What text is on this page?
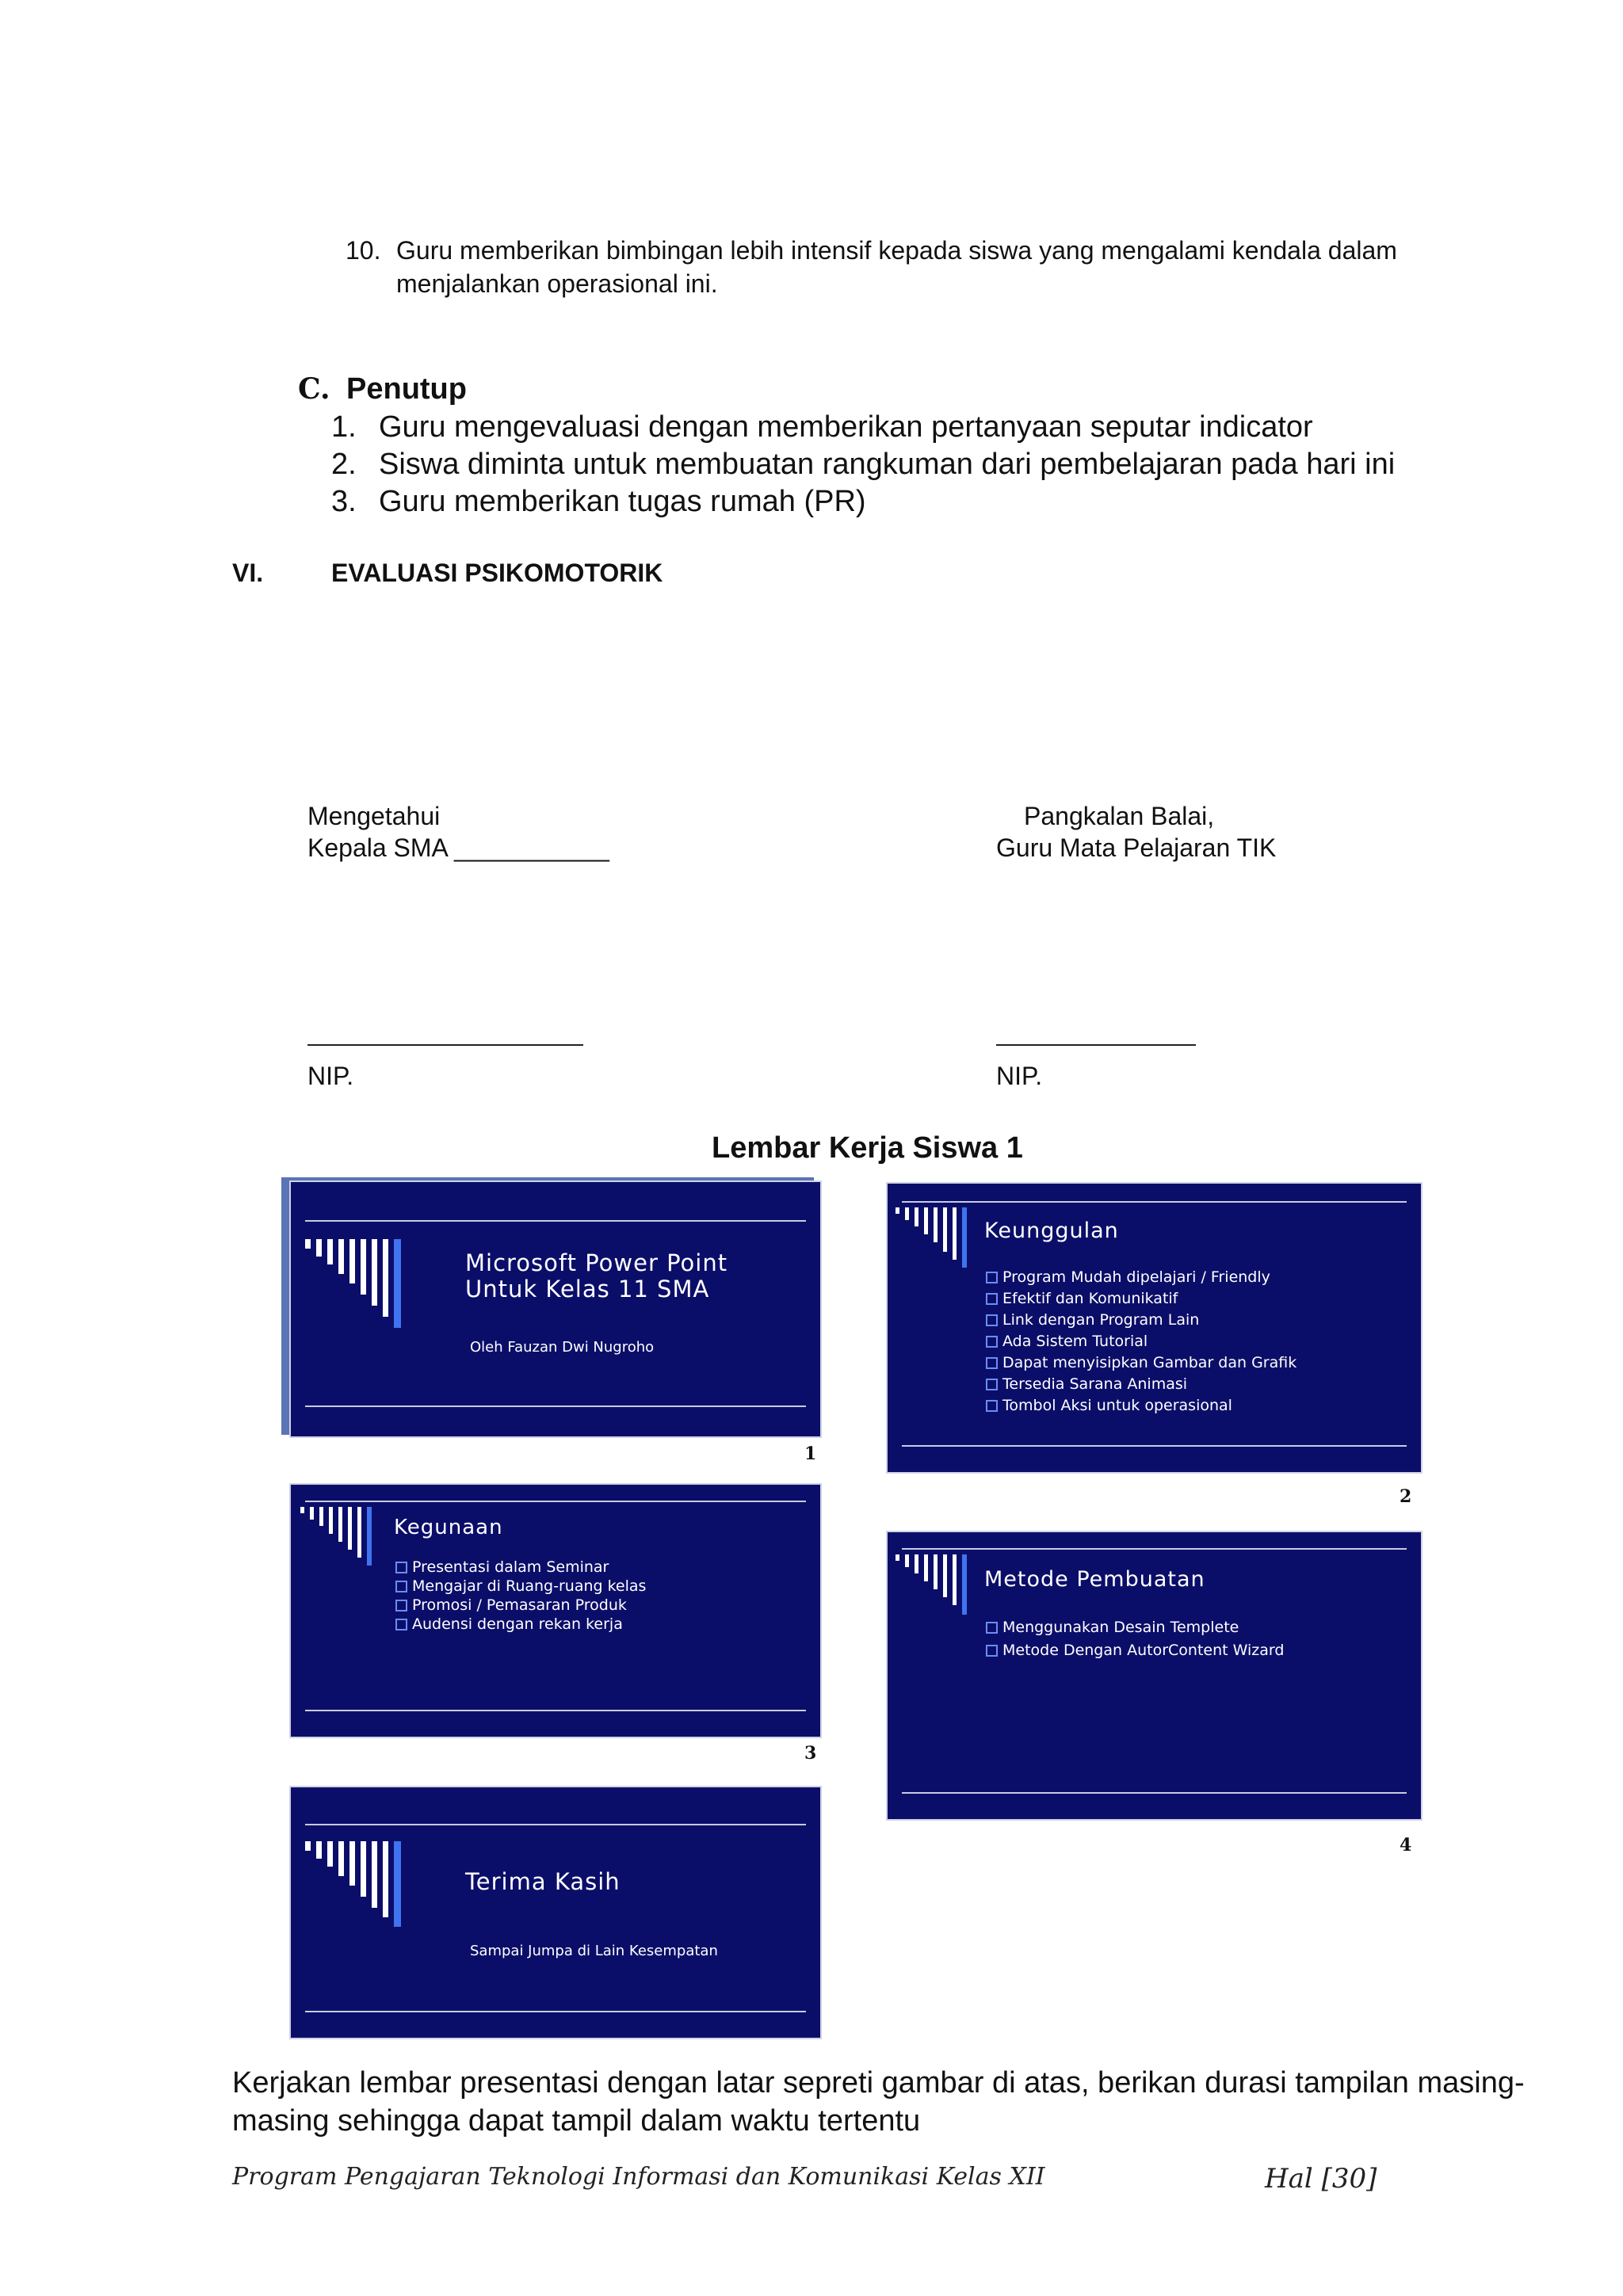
10. Guru memberikan bimbingan lebih intensif kepada siswa yang mengalami kendala dalam
menjalankan operasional ini.
C. Penutup
1. Guru mengevaluasi dengan memberikan pertanyaan seputar indicator
2. Siswa diminta untuk membuatan rangkuman dari pembelajaran pada hari ini
3. Guru memberikan tugas rumah (PR)
VI.	EVALUASI PSIKOMOTORIK
Mengetahui
Kepala SMA ___________
Pangkalan Balai,
Guru Mata Pelajaran TIK
NIP.	NIP.
Lembar Kerja Siswa 1
Microsoft Power Point
Untuk Kelas 11 SMA
Oleh Fauzan Dwi Nugroho
1
Keunggulan
Program Mudah dipelajari / Friendly
Efektif dan Komunikatif
Link dengan Program Lain
Ada Sistem Tutorial
Dapat menyisipkan Gambar dan Grafik
Tersedia Sarana Animasi
Tombol Aksi untuk operasional
2
Kegunaan
Presentasi dalam Seminar
Mengajar di Ruang-ruang kelas
Promosi / Pemasaran Produk
Audensi dengan rekan kerja
3
Metode Pembuatan
Menggunakan Desain Templete
Metode Dengan AutorContent Wizard
4
Terima Kasih
Sampai Jumpa di Lain Kesempatan
Kerjakan lembar presentasi dengan latar sepreti gambar di atas, berikan durasi tampilan masing-
masing sehingga dapat tampil dalam waktu tertentu
Program Pengajaran Teknologi Informasi dan Komunikasi Kelas XII	Hal [30]
